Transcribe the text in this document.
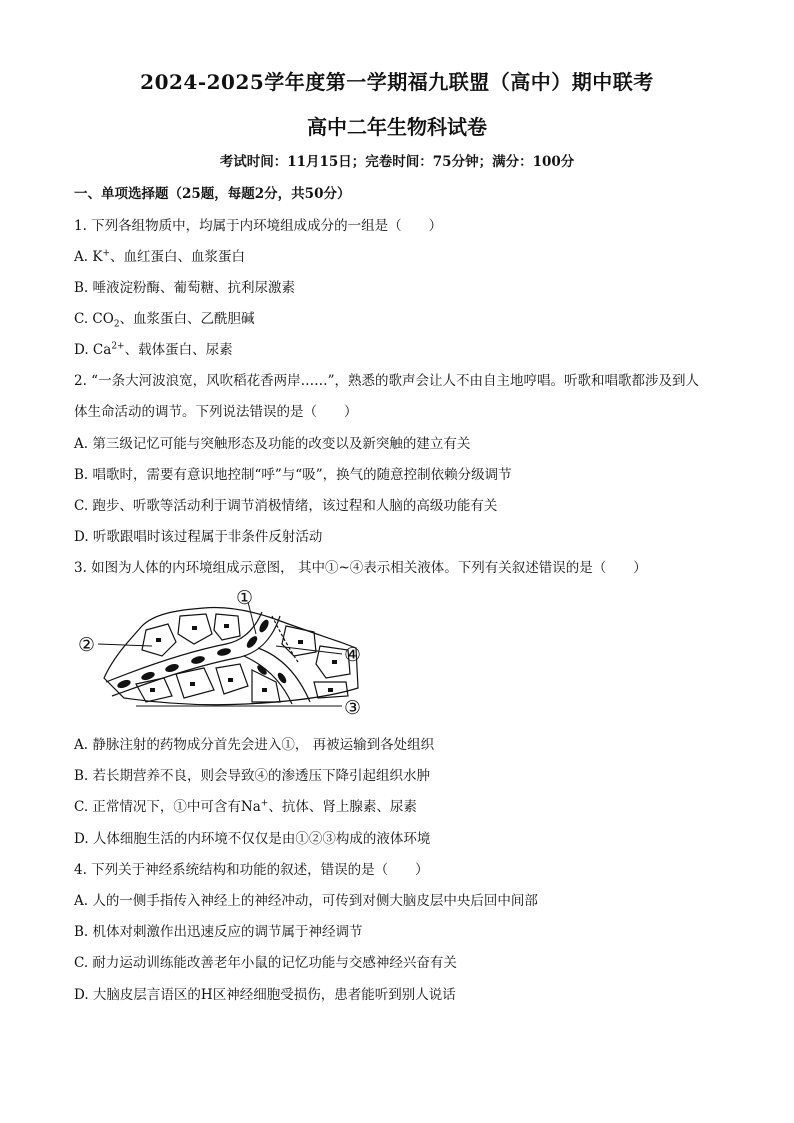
2024-2025学年度第一学期福九联盟（高中）期中联考
高中二年生物科试卷
考试时间：11月15日；完卷时间：75分钟；满分：100分
一、单项选择题（25题，每题2分，共50分）
1. 下列各组物质中，均属于内环境组成成分的一组是（　　）
A. K+、血红蛋白、血浆蛋白
B. 唾液淀粉酶、葡萄糖、抗利尿激素
C. $CO_2$、血浆蛋白、乙酰胆碱
D. $Ca^{2+}$、载体蛋白、尿素
2. “一条大河波浪宽，风吹稻花香两岸……”，熟悉的歌声会让人不由自主地哼唱。听歌和唱歌都涉及到人
体生命活动的调节。下列说法错误的是（　　）
A. 第三级记忆可能与突触形态及功能的改变以及新突触的建立有关
B. 唱歌时，需要有意识地控制“呼”与“吸”，换气的随意控制依赖分级调节
C. 跑步、听歌等活动利于调节消极情绪，该过程和人脑的高级功能有关
D. 听歌跟唱时该过程属于非条件反射活动
3. 如图为人体的内环境组成示意图， 其中①~④表示相关液体。下列有关叙述错误的是（　　）
①
②	④
③
A. 静脉注射的药物成分首先会进入①， 再被运输到各处组织
B. 若长期营养不良，则会导致④的渗透压下降引起组织水肿
C. 正常情况下，①中可含有Na+、抗体、肾上腺素、尿素
D. 人体细胞生活的内环境不仅仅是由①②③构成的液体环境
4. 下列关于神经系统结构和功能的叙述，错误的是（　　）
A. 人的一侧手指传入神经上的神经冲动，可传到对侧大脑皮层中央后回中间部
B. 机体对刺激作出迅速反应的调节属于神经调节
C. 耐力运动训练能改善老年小鼠的记忆功能与交感神经兴奋有关
D. 大脑皮层言语区的H区神经细胞受损伤，患者能听到别人说话
